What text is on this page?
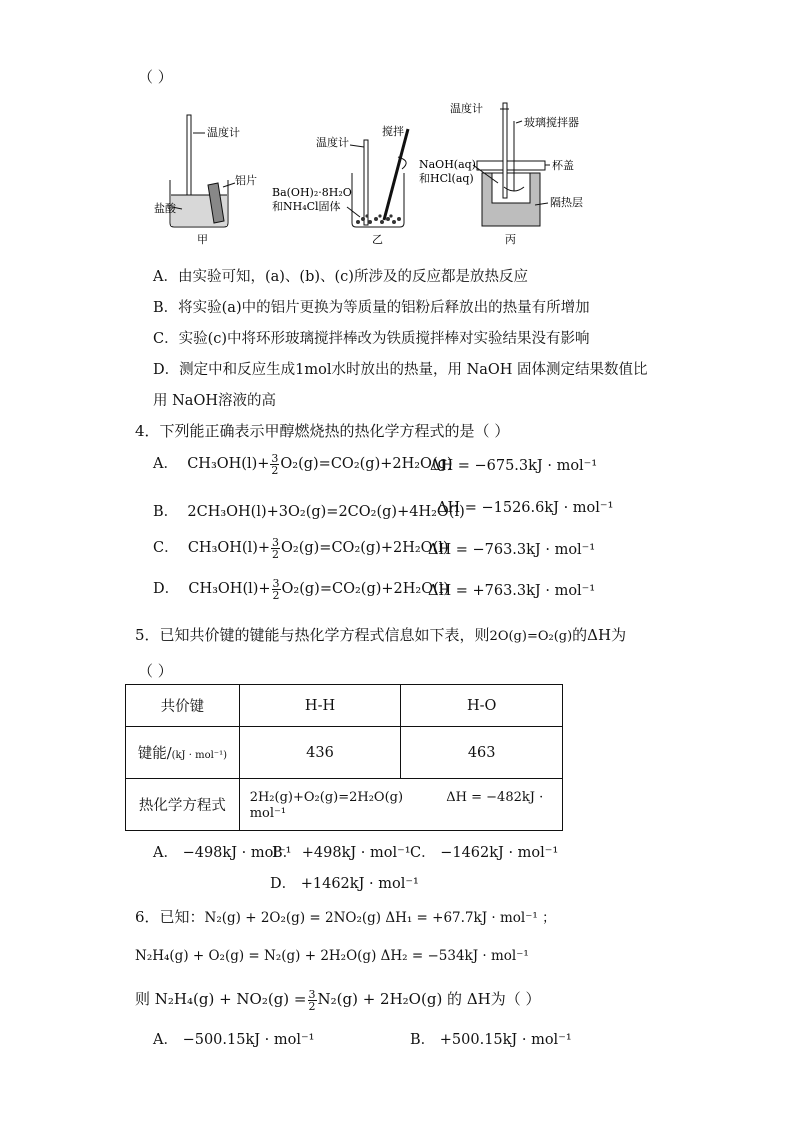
（ ）
温度计
铝片
盐酸
甲
温度计
搅拌
Ba(OH)₂·8H₂O
和NH₄Cl固体
乙
温度计
玻璃搅拌器
NaOH(aq)
和HCl(aq)
杯盖
隔热层
丙
A．由实验可知，(a)、(b)、(c)所涉及的反应都是放热反应
B．将实验(a)中的铝片更换为等质量的铝粉后释放出的热量有所增加
C．实验(c)中将环形玻璃搅拌棒改为铁质搅拌棒对实验结果没有影响
D．测定中和反应生成1mol水时放出的热量，用 NaOH 固体测定结果数值比
用 NaOH溶液的高
4．下列能正确表示甲醇燃烧热的热化学方程式的是（ ）
A． $CH_3OH(l)+ \frac{3}{2} O_2(g)=CO_2(g)+2H_2O(g)$
ΔH = −675.3kJ · mol⁻¹
B． 2CH₃OH(l)+3O₂(g)=2CO₂(g)+4H₂O(l)
ΔH = −1526.6kJ · mol⁻¹
C． $CH_3OH(l)+ \frac{3}{2} O_2(g)=CO_2(g)+2H_2O(l)$
ΔH = −763.3kJ · mol⁻¹
D． $CH_3OH(l)+ \frac{3}{2} O_2(g)=CO_2(g)+2H_2O(l)$
ΔH = +763.3kJ · mol⁻¹
5．已知共价键的键能与热化学方程式信息如下表，则2O(g)=O₂(g)的ΔH为
（ ）
共价键	H-H	H-O
键能/(kJ · mol⁻¹)	436	463
热化学方程式	2H₂(g)+O₂(g)=2H₂O(g) ΔH = −482kJ · mol⁻¹	
A． −498kJ · mol⁻¹
B． +498kJ · mol⁻¹ C． −1462kJ · mol⁻¹
D． +1462kJ · mol⁻¹
6．已知：N₂(g) + 2O₂(g) = 2NO₂(g) ΔH₁ = +67.7kJ · mol⁻¹ ；
N₂H₄(g) + O₂(g) = N₂(g) + 2H₂O(g) ΔH₂ = −534kJ · mol⁻¹
则 $N_2H_4(g) + NO_2(g) = \frac{3}{2} N_2(g) + 2H_2O(g)$ 的 ΔH为（ ）
A． −500.15kJ · mol⁻¹	B． +500.15kJ · mol⁻¹
